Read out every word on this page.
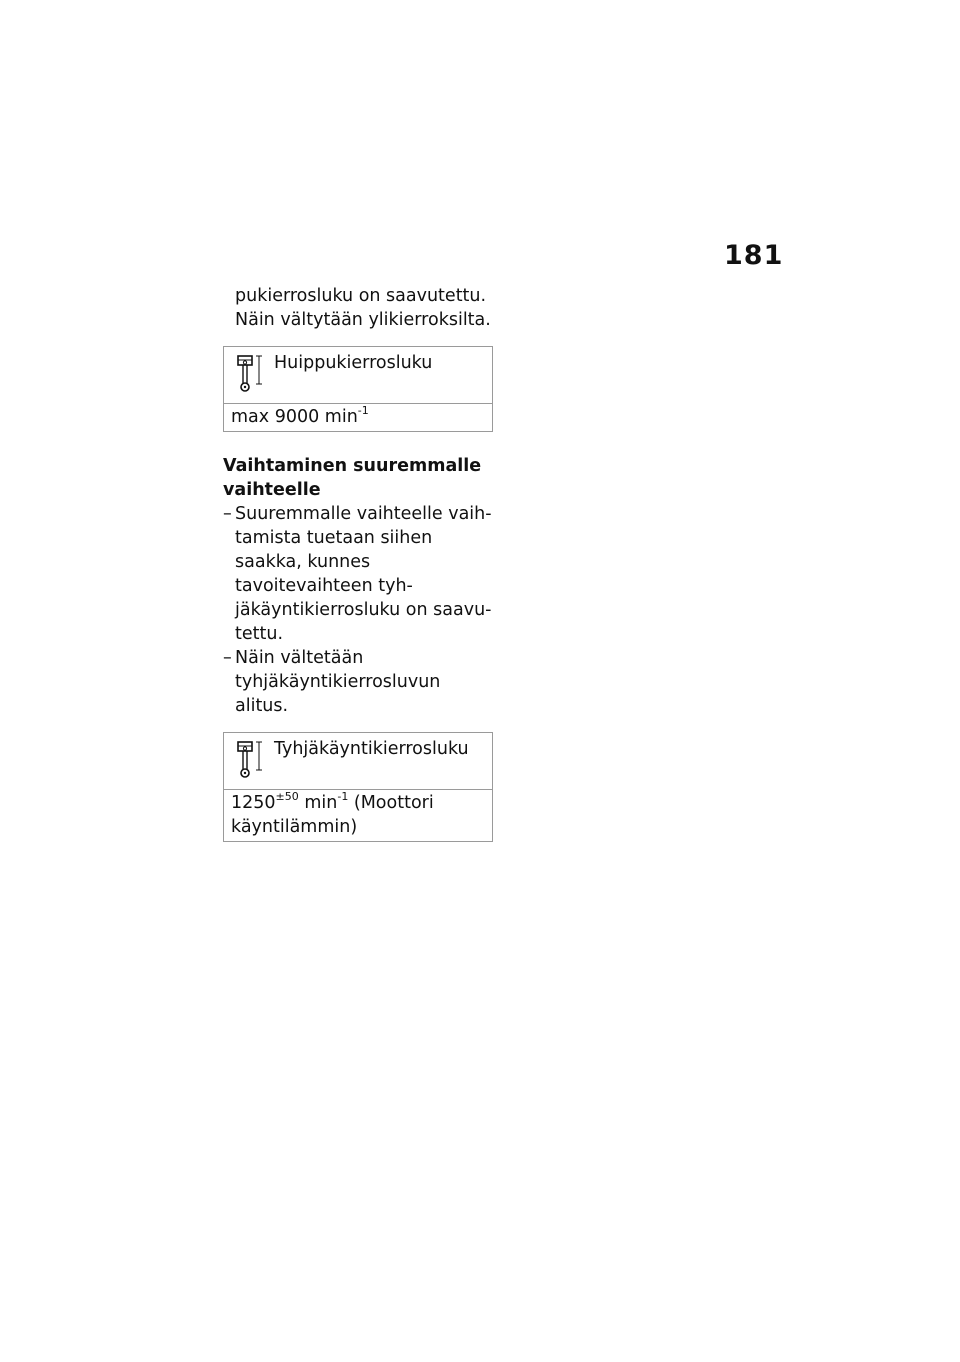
181

pukierrosluku on saavutettu. Näin vältytään ylikierroksilta.

Huippukierrosluku
max 9000 $\min^{-1}$
Vaihtaminen suuremmalle vaihteelle
– Suuremmalle vaihteelle vaihtamista tuetaan siihen saakka, kunnes tavoitevaihteen tyhjäkäyntikierrosluku on saavutettu.
– Näin vältetään tyhjäkäyntikierrosluvun alitus.
Tyhjäkäyntikierrosluku
$1250^{\pm 50}$ $\min^{-1}$ (Moottori käyntilämmin)
